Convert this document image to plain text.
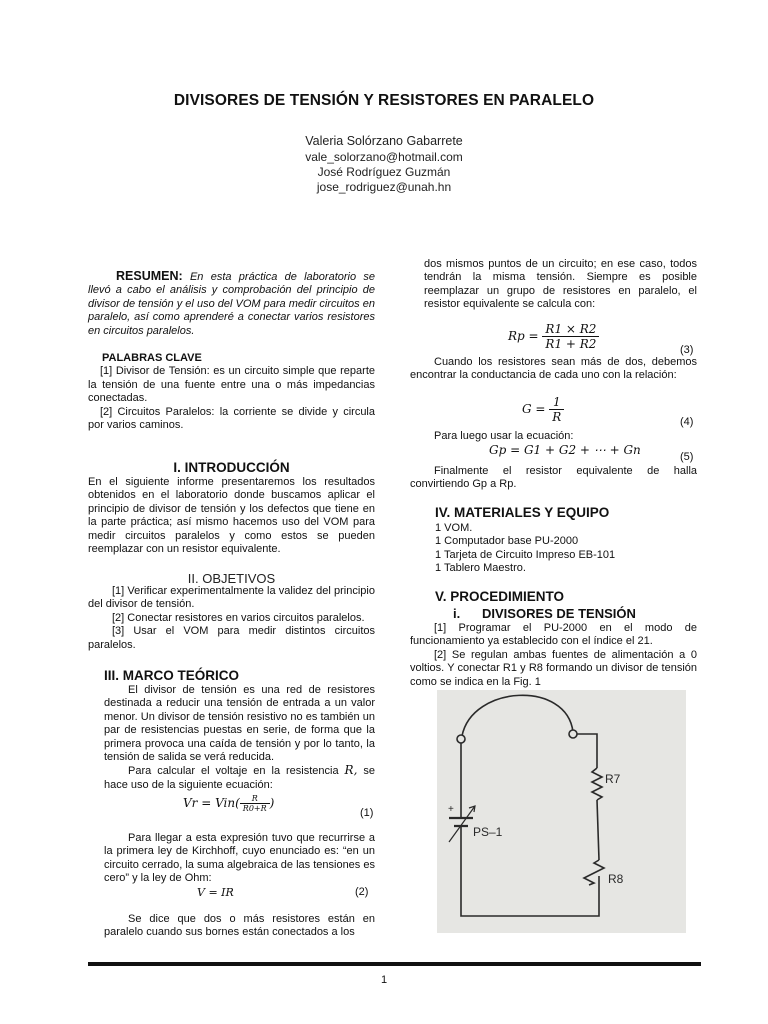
DIVISORES DE TENSIÓN Y RESISTORES EN PARALELO
Valeria Solórzano Gabarrete
vale_solorzano@hotmail.com
José Rodríguez Guzmán
jose_rodriguez@unah.hn

RESUMEN: En esta práctica de laboratorio se llevó a cabo el análisis y comprobación del principio de divisor de tensión y el uso del VOM para medir circuitos en paralelo, así como aprenderé a conectar varios resistores en circuitos paralelos.

PALABRAS CLAVE

[1] Divisor de Tensión: es un circuito simple que reparte la tensión de una fuente entre una o más impedancias conectadas.

[2] Circuitos Paralelos: la corriente se divide y circula por varios caminos.

I. INTRODUCCIÓN
En el siguiente informe presentaremos los resultados obtenidos en el laboratorio donde buscamos aplicar el principio de divisor de tensión y los defectos que tiene en la parte práctica; así mismo hacemos uso del VOM para medir circuitos paralelos y como estos se pueden reemplazar con un resistor equivalente.
II. OBJETIVOS

[1] Verificar experimentalmente la validez del principio del divisor de tensión.

[2] Conectar resistores en varios circuitos paralelos.

[3] Usar el VOM para medir distintos circuitos paralelos.

III. MARCO TEÓRICO

El divisor de tensión es una red de resistores destinada a reducir una tensión de entrada a un valor menor. Un divisor de tensión resistivo no es también un par de resistencias puestas en serie, de forma que la primera provoca una caída de tensión y por lo tanto, la tensión de salida se verá reducida.

Para calcular el voltaje en la resistencia R, se hace uso de la siguiente ecuación:

$Vr = Vin( \frac{R}{R0+R}$ )
(1)

Para llegar a esta expresión tuvo que recurrirse a la primera ley de Kirchhoff, cuyo enunciado es: “en un circuito cerrado, la suma algebraica de las tensiones es cero” y la ley de Ohm:

V = IR	(2)

Se dice que dos o más resistores están en paralelo cuando sus bornes están conectados a los

dos mismos puntos de un circuito; en ese caso, todos tendrán la misma tensión. Siempre es posible reemplazar un grupo de resistores en paralelo, el resistor equivalente se calcula con:
$Rp = \frac{R1 \times R2}{R1 + R2}$	(3)

Cuando los resistores sean más de dos, debemos encontrar la conductancia de cada uno con la relación:

$G = \frac{1}{R}$	(4)
Para luego usar la ecuación:
Gp = G1 + G2 + ⋯ + Gn	(5)

Finalmente el resistor equivalente de halla convirtiendo Gp a Rp.

IV. MATERIALES Y EQUIPO

1 VOM.

1 Computador base PU-2000

1 Tarjeta de Circuito Impreso EB-101

1 Tablero Maestro.

V. PROCEDIMIENTO
i. DIVISORES DE TENSIÓN

[1] Programar el PU-2000 en el modo de funcionamiento ya establecido con el índice el 21.

[2] Se regulan ambas fuentes de alimentación a 0 voltios. Y conectar R1 y R8 formando un divisor de tensión como se indica en la Fig. 1

R7
R8
PS–1
+
1
